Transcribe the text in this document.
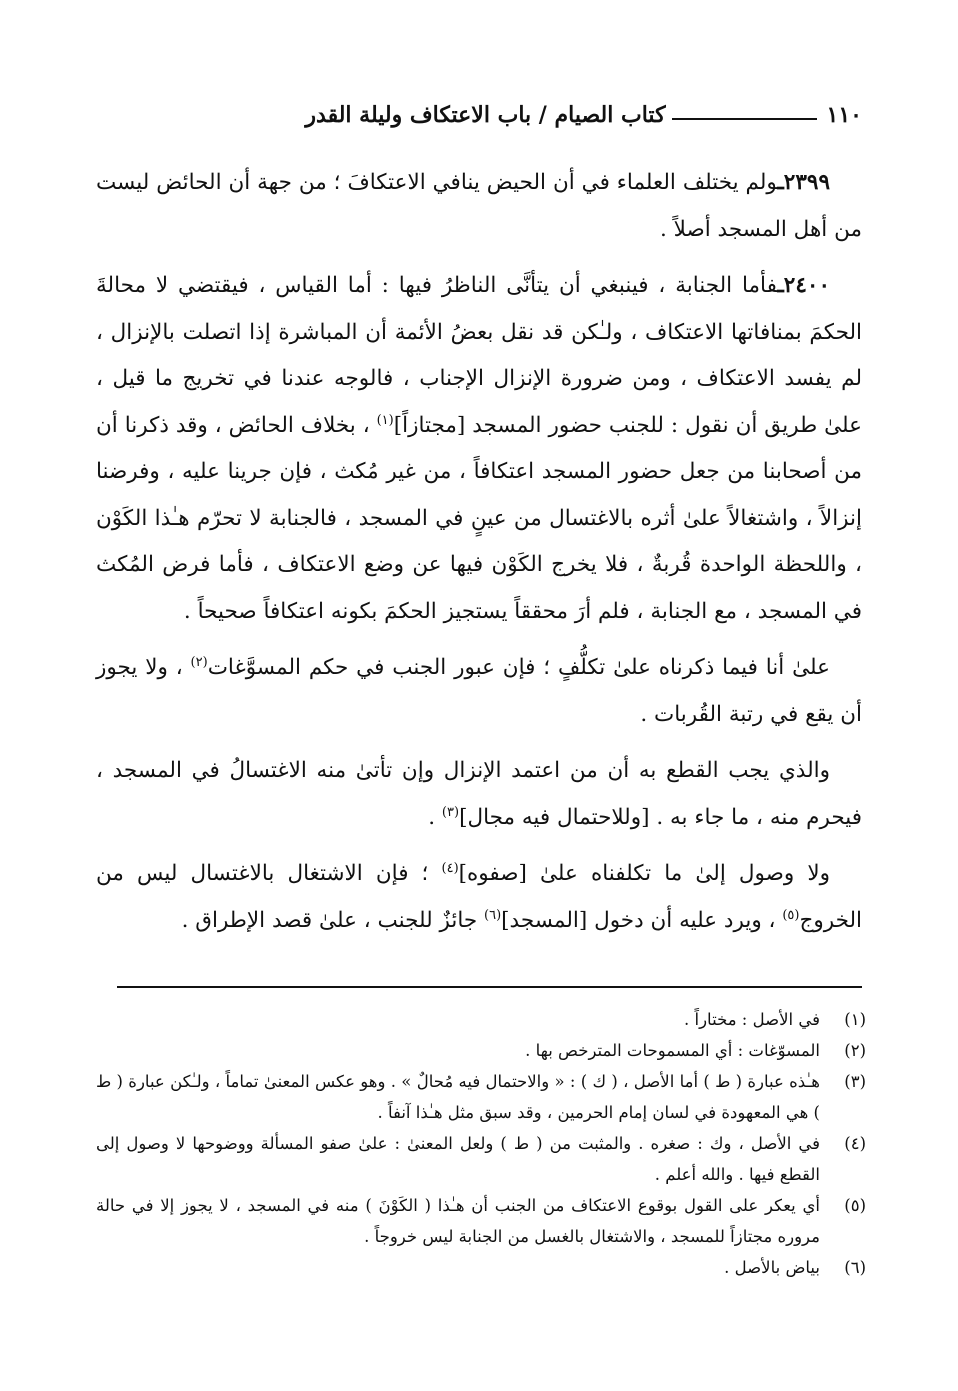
١١٠
كتاب الصيام / باب الاعتكاف وليلة القدر

٢٣٩٩ـولم يختلف العلماء في أن الحيض ينافي الاعتكافَ ؛ من جهة أن الحائض ليست من أهل المسجد أصلاً .

٢٤٠٠ـفأما الجنابة ، فينبغي أن يتأنَّى الناظرُ فيها : أما القياس ، فيقتضي لا محالةَ الحكمَ بمنافاتها الاعتكاف ، ولـٰكن قد نقل بعضُ الأئمة أن المباشرة إذا اتصلت بالإنزال ، لم يفسد الاعتكاف ، ومن ضرورة الإنزال الإجناب ، فالوجه عندنا في تخريج ما قيل ، علىٰ طريق أن نقول : للجنب حضور المسجد [مجتازاً]$^{(١)}$ ، بخلاف الحائض ، وقد ذكرنا أن من أصحابنا من جعل حضور المسجد اعتكافاً ، من غير مُكث ، فإن جرينا عليه ، وفرضنا إنزالاً ، واشتغالاً علىٰ أثره بالاغتسال من عينٍ في المسجد ، فالجنابة لا تحرّم هـٰذا الكَوْن ، واللحظة الواحدة قُربةٌ ، فلا يخرج الكَوْن فيها عن وضع الاعتكاف ، فأما فرض المُكث في المسجد ، مع الجنابة ، فلم أرَ محققاً يستجيز الحكمَ بكونه اعتكافاً صحيحاً .

علىٰ أنا فيما ذكرناه علىٰ تكلُّفٍ ؛ فإن عبور الجنب في حكم المسوَّغات$^{(٢)}$ ، ولا يجوز أن يقع في رتبة القُربات .

والذي يجب القطع به أن من اعتمد الإنزال وإن تأتىٰ منه الاغتسالُ في المسجد ، فيحرم منه ، ما جاء به . [وللاحتمال فيه مجال]$^{(٣)}$ .

ولا وصول إلىٰ ما تكلفناه علىٰ [صفوه]$^{(٤)}$ ؛ فإن الاشتغال بالاغتسال ليس من الخروج$^{(٥)}$ ، ويرد عليه أن دخول [المسجد]$^{(٦)}$ جائزٌ للجنب ، علىٰ قصد الإطراق .

(١)
في الأصل : مختاراً .
(٢)
المسوّغات : أي المسموحات المترخص بها .
(٣)
هـٰذه عبارة ( ط ) أما الأصل ، ( ك ) : « والاحتمال فيه مُحالٌ » . وهو عكس المعنىٰ تماماً ، ولـٰكن عبارة ( ط ) هي المعهودة في لسان إمام الحرمين ، وقد سبق مثل هـٰذا آنفاً .
(٤)
في الأصل ، وك : صغره . والمثبت من ( ط ) ولعل المعنىٰ : علىٰ صفو المسألة ووضوحها لا وصول إلى القطع فيها . والله أعلم .
(٥)
أي يعكر على القول بوقوع الاعتكاف من الجنب أن هـٰذا ( الكَوْنَ ) منه في المسجد ، لا يجوز إلا في حالة مروره مجتازاً للمسجد ، والاشتغال بالغسل من الجنابة ليس خروجاً .
(٦)
بياض بالأصل .
